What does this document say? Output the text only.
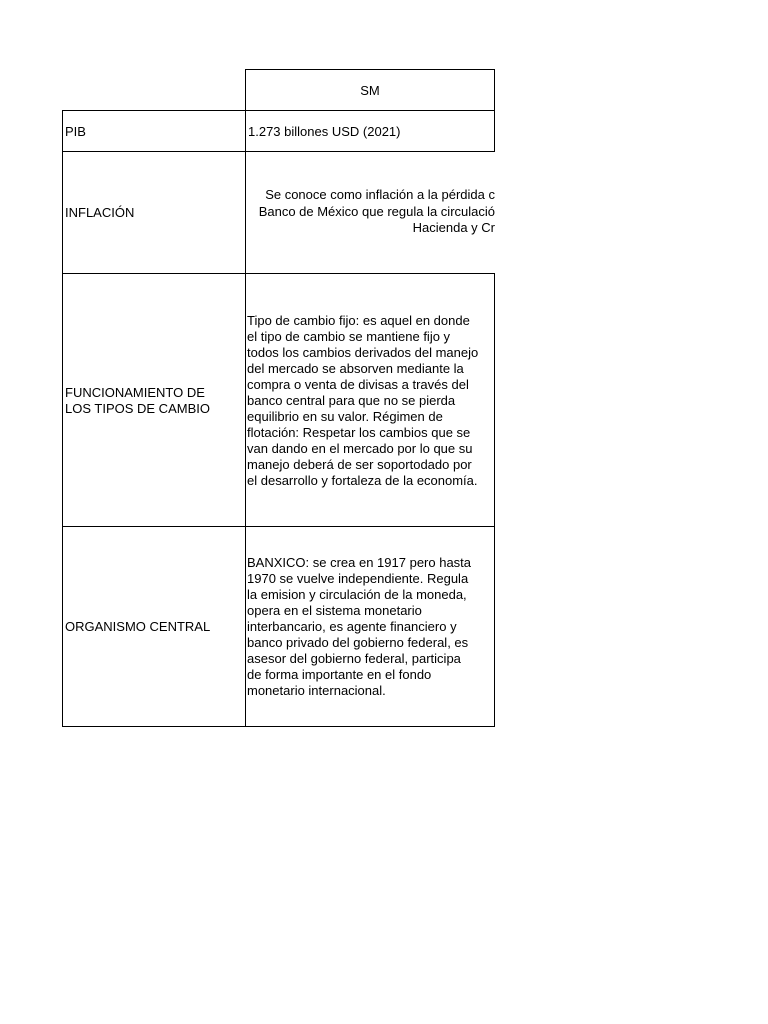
SM
PIB	1.273 billones USD (2021)
INFLACIÓN
Se conoce como inflación a la pérdida c
Banco de México que regula la circulació
Hacienda y Cr
FUNCIONAMIENTO DE
LOS TIPOS DE CAMBIO
Tipo de cambio fijo: es aquel en donde
el tipo de cambio se mantiene fijo y
todos los cambios derivados del manejo
del mercado se absorven mediante la
compra o venta de divisas a través del
banco central para que no se pierda
equilibrio en su valor. Régimen de
flotación: Respetar los cambios que se
van dando en el mercado por lo que su
manejo deberá de ser soportodado por
el desarrollo y fortaleza de la economía.
ORGANISMO CENTRAL
BANXICO: se crea en 1917 pero hasta
1970 se vuelve independiente. Regula
la emision y circulación de la moneda,
opera en el sistema monetario
interbancario, es agente financiero y
banco privado del gobierno federal, es
asesor del gobierno federal, participa
de forma importante en el fondo
monetario internacional.
